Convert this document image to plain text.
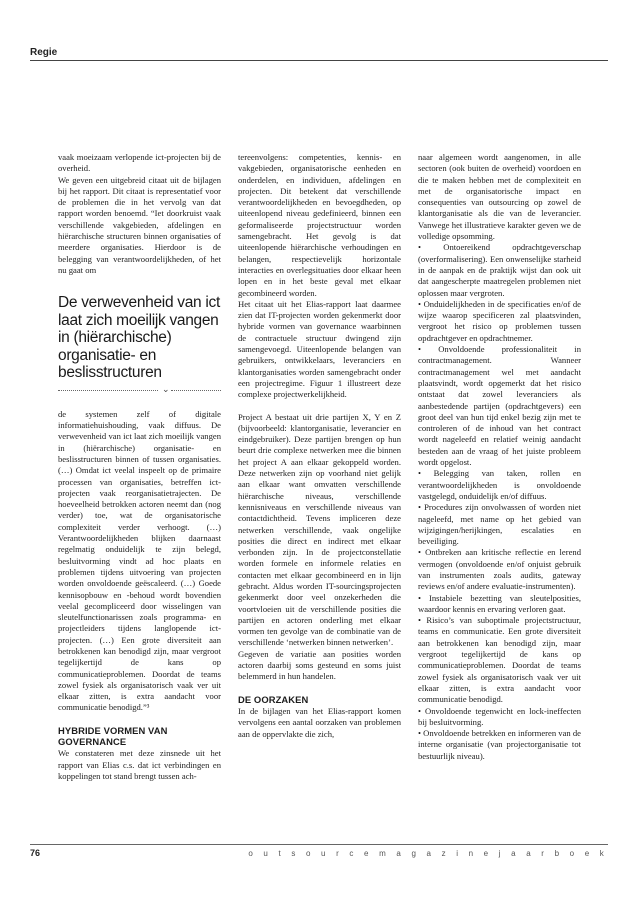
Regie

vaak moeizaam verlopende ict-projecten bij de overheid.

We geven een uitgebreid citaat uit de bijlagen bij het rapport. Dit citaat is representatief voor de problemen die in het vervolg van dat rapport worden benoemd. “Iet doorkruist vaak verschillende vakgebieden, afdelingen en hiërarchische structuren binnen organisaties of meerdere organisaties. Hierdoor is de belegging van verantwoordelijkheden, of het nu gaat om

De verwevenheid van ict laat zich moeilijk vangen in (hiërarchische) organisatie- en beslisstructuren
⌄

de systemen zelf of digitale informatiehuishouding, vaak diffuus. De verwevenheid van ict laat zich moeilijk vangen in (hiërarchische) organisatie- en beslisstructuren binnen of tussen organisaties. (…) Omdat ict veelal inspeelt op de primaire processen van organisaties, betreffen ict-projecten vaak reorganisatietrajecten. De hoeveelheid betrokken actoren neemt dan (nog verder) toe, wat de organisatorische complexiteit verder verhoogt. (…) Verantwoordelijkheden blijken daarnaast regelmatig onduidelijk te zijn belegd, besluitvorming vindt ad hoc plaats en problemen tijdens uitvoering van projecten worden onvoldoende geëscaleerd. (…) Goede kennisopbouw en -behoud wordt bovendien veelal gecompliceerd door wisselingen van sleutelfunctionarissen zoals programma- en projectleiders tijdens langlopende ict-projecten. (…) Een grote diversiteit aan betrokkenen kan benodigd zijn, maar vergroot tegelijkertijd de kans op communicatieproblemen. Doordat de teams zowel fysiek als organisatorisch vaak ver uit elkaar zitten, is extra aandacht voor communicatie benodigd.”³

HYBRIDE VORMEN VAN GOVERNANCE

We constateren met deze zinsnede uit het rapport van Elias c.s. dat ict verbindingen en koppelingen tot stand brengt tussen ach-

tereenvolgens: competenties, kennis- en vakgebieden, organisatorische eenheden en onderdelen, en individuen, afdelingen en projecten. Dit betekent dat verschillende verantwoordelijkheden en bevoegdheden, op uiteenlopend niveau gedefinieerd, binnen een geformaliseerde projectstructuur worden samengebracht. Het gevolg is dat uiteenlopende hiërarchische verhoudingen en belangen, respectievelijk horizontale interacties en overlegsituaties door elkaar heen lopen en in het beste geval met elkaar gecombineerd worden.

Het citaat uit het Elias-rapport laat daarmee zien dat IT-projecten worden gekenmerkt door hybride vormen van governance waarbinnen de contractuele structuur dwingend zijn samengevoegd. Uiteenlopende belangen van gebruikers, ontwikkelaars, leveranciers en klantorganisaties worden samengebracht onder een projectregime. Figuur 1 illustreert deze complexe projectwerkelijkheid.

Project A bestaat uit drie partijen X, Y en Z (bijvoorbeeld: klantorganisatie, leverancier en eindgebruiker). Deze partijen brengen op hun beurt drie complexe netwerken mee die binnen het project A aan elkaar gekoppeld worden. Deze netwerken zijn op voorhand niet gelijk aan elkaar want omvatten verschillende hiërarchische niveaus, verschillende kennisniveaus en verschillende niveaus van contactdichtheid. Tevens impliceren deze netwerken verschillende, vaak ongelijke posities die direct en indirect met elkaar verbonden zijn. In de projectconstellatie worden formele en informele relaties en contacten met elkaar gecombineerd en in lijn gebracht. Aldus worden IT-sourcingsprojecten gekenmerkt door veel onzekerheden die voortvloeien uit de verschillende posities die partijen en actoren onderling met elkaar vormen ten gevolge van de combinatie van de verschillende ‘netwerken binnen netwerken’.

Gegeven de variatie aan posities worden actoren daarbij soms gesteund en soms juist belemmerd in hun handelen.

DE OORZAKEN

In de bijlagen van het Elias-rapport komen vervolgens een aantal oorzaken van problemen aan de oppervlakte die zich,

naar algemeen wordt aangenomen, in alle sectoren (ook buiten de overheid) voordoen en die te maken hebben met de complexiteit en met de organisatorische impact en consequenties van outsourcing op zowel de klantorganisatie als die van de leverancier. Vanwege het illustratieve karakter geven we de volledige opsomming.

• Ontoereikend opdrachtgeverschap (overformalisering). Een onwenselijke starheid in de aanpak en de praktijk wijst dan ook uit dat aangescherpte maatregelen problemen niet oplossen maar vergroten.

• Onduidelijkheden in de specificaties en/of de wijze waarop specificeren zal plaatsvinden, vergroot het risico op problemen tussen opdrachtgever en opdrachtnemer.

• Onvoldoende professionaliteit in contractmanagement. Wanneer contractmanagement wel met aandacht plaatsvindt, wordt opgemerkt dat het risico ontstaat dat zowel leveranciers als aanbestedende partijen (opdrachtgevers) een groot deel van hun tijd enkel bezig zijn met te controleren of de inhoud van het contract wordt nageleefd en relatief weinig aandacht besteden aan de vraag of het juiste probleem wordt opgelost.

• Belegging van taken, rollen en verantwoordelijkheden is onvoldoende vastgelegd, onduidelijk en/of diffuus.

• Procedures zijn onvolwassen of worden niet nageleefd, met name op het gebied van wijzigingen/herijkingen, escalaties en beveiliging.

• Ontbreken aan kritische reflectie en lerend vermogen (onvoldoende en/of onjuist gebruik van instrumenten zoals audits, gateway reviews en/of andere evaluatie-instrumenten).

• Instabiele bezetting van sleutelposities, waardoor kennis en ervaring verloren gaat.

• Risico’s van suboptimale projectstructuur, teams en communicatie. Een grote diversiteit aan betrokkenen kan benodigd zijn, maar vergroot tegelijkertijd de kans op communicatieproblemen. Doordat de teams zowel fysiek als organisatorisch vaak ver uit elkaar zitten, is extra aandacht voor communicatie benodigd.

• Onvoldoende tegenwicht en lock-ineffecten bij besluitvorming.

• Onvoldoende betrekken en informeren van de interne organisatie (van projectorganisatie tot bestuurlijk niveau).

76	o u t s o u r c e m a g a z i n e j a a r b o e k
